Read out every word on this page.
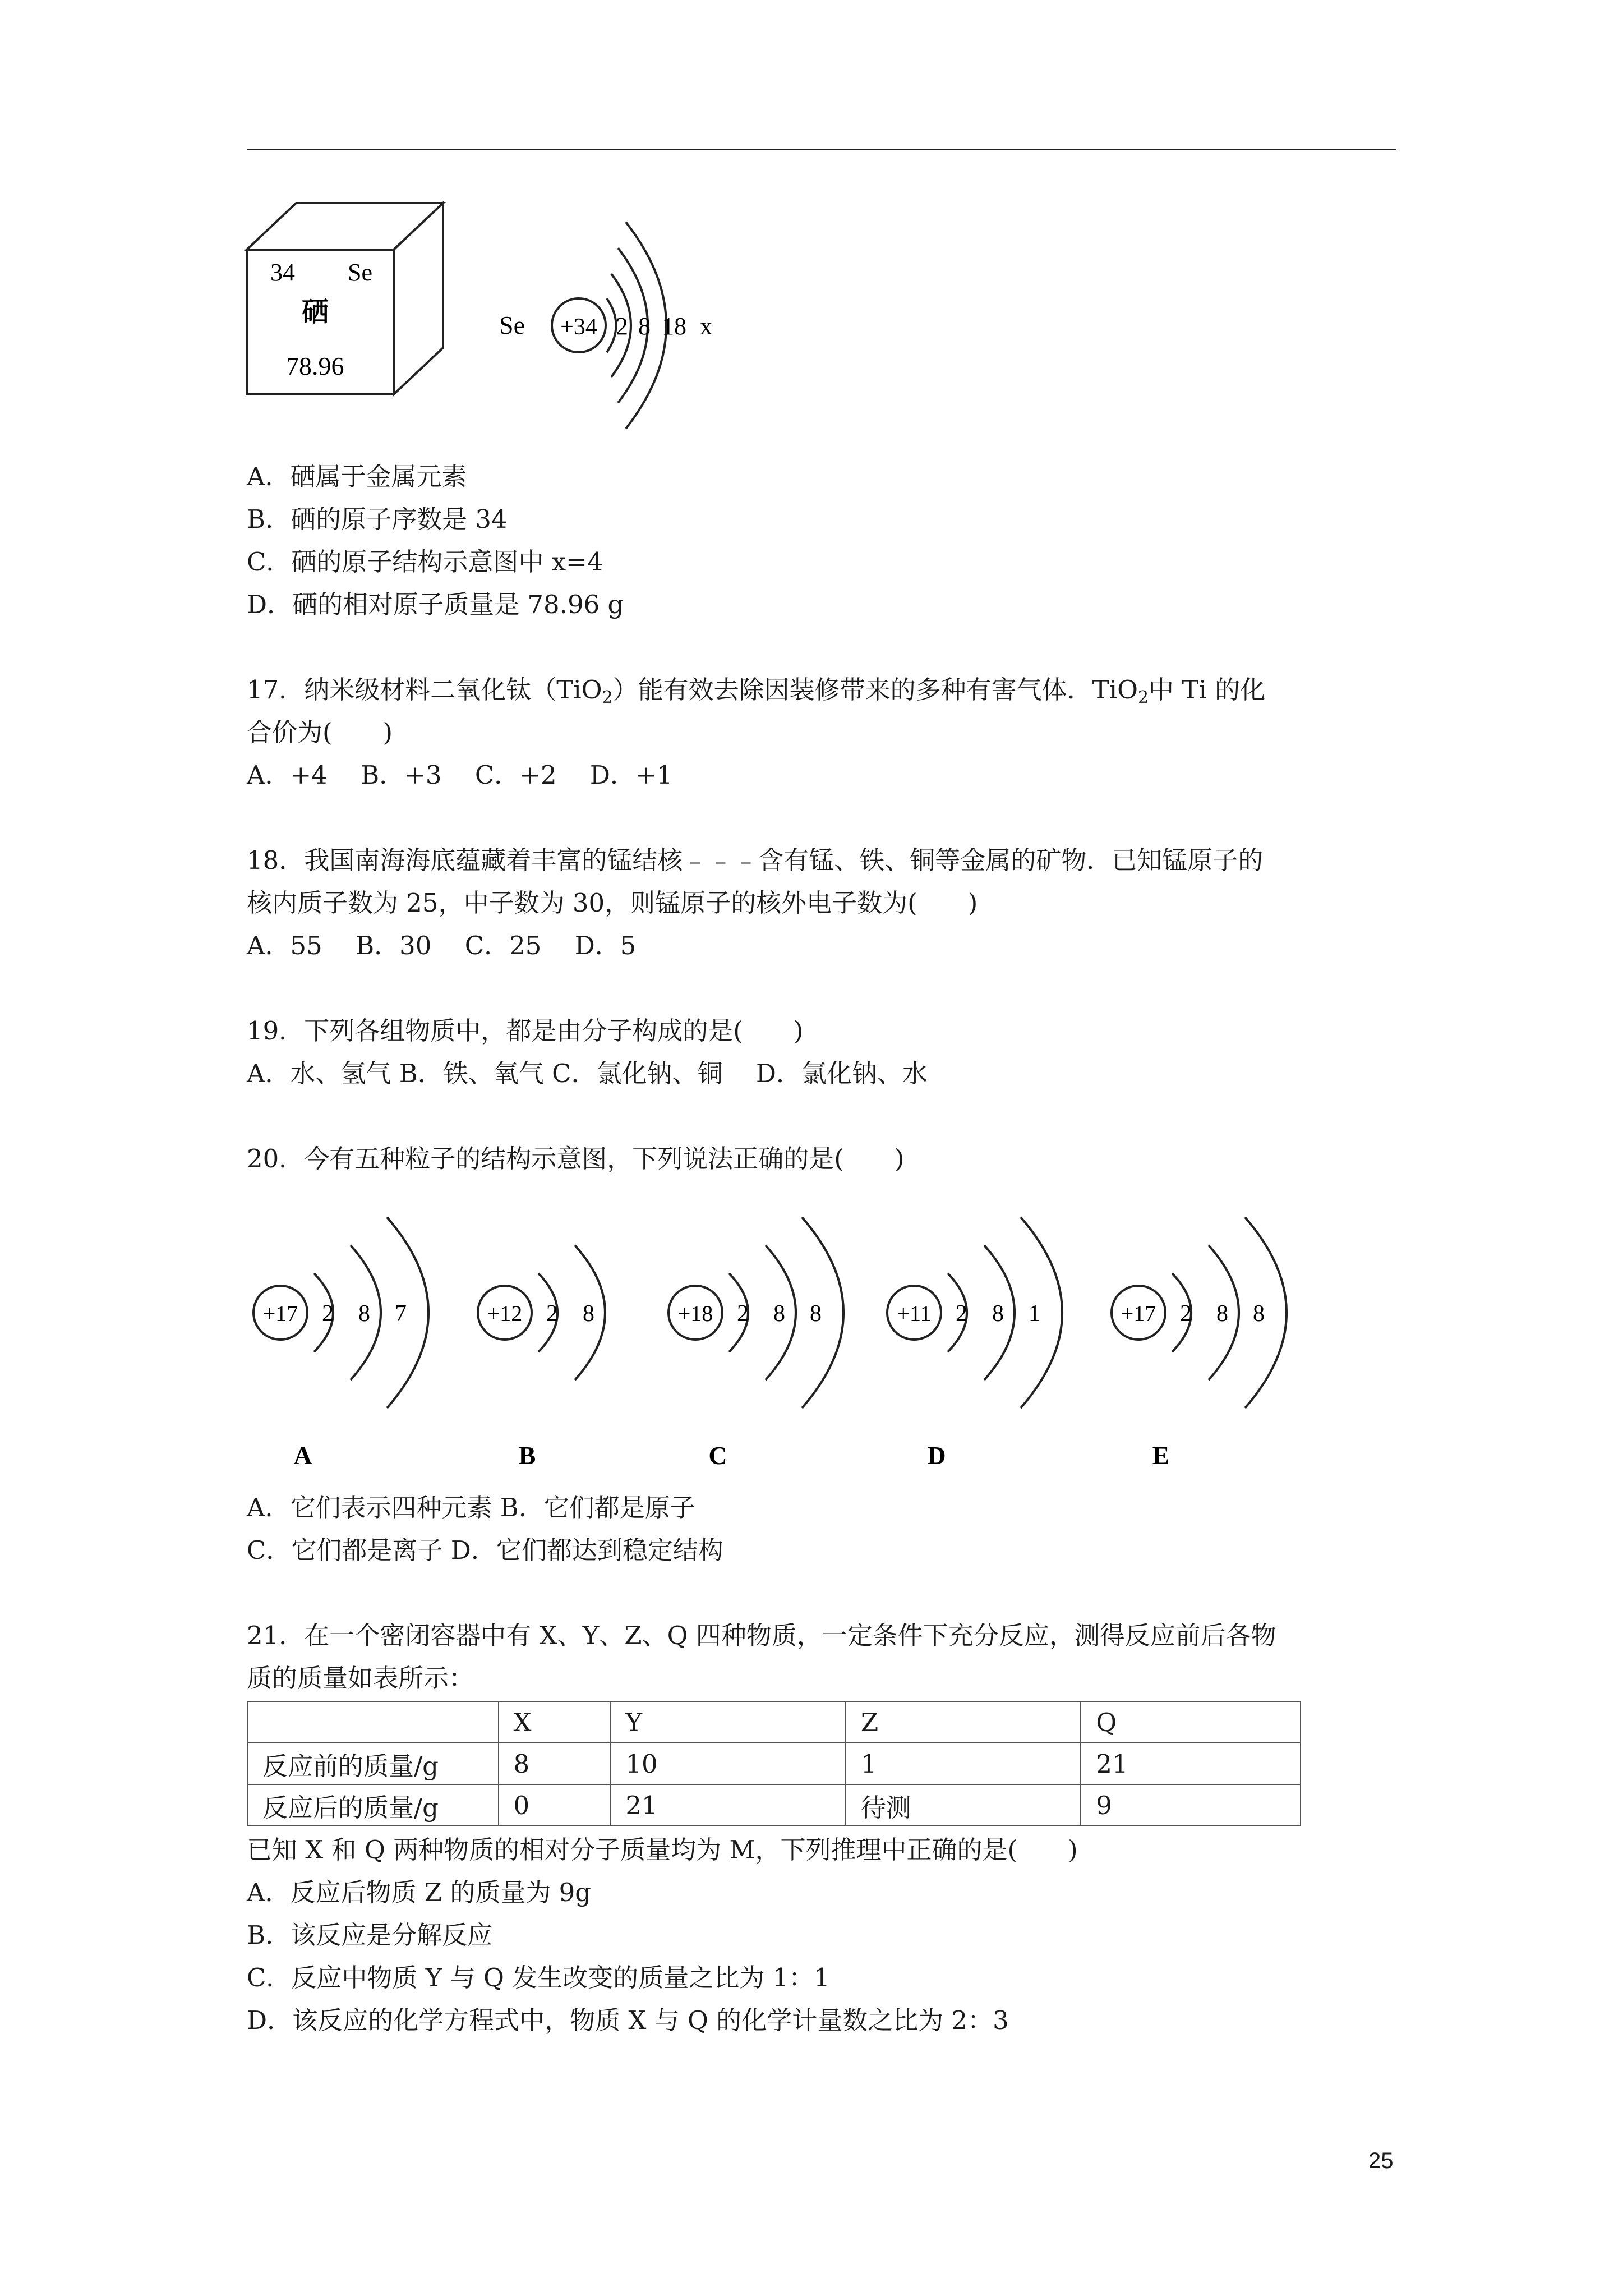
34 Se
硒
78.96
Se +34 2 8 18 x
A．硒属于金属元素
B．硒的原子序数是 34
C．硒的原子结构示意图中 x=4
D．硒的相对原子质量是 78.96 g
17．纳米级材料二氧化钛（TiO$_2$）能有效去除因装修带来的多种有害气体．TiO$_2$中 Ti 的化
合价为(　　)
A．+4　 B．+3　 C．+2　 D．+1
18．我国南海海底蕴藏着丰富的锰结核﹣﹣﹣含有锰、铁、铜等金属的矿物．已知锰原子的
核内质子数为 25，中子数为 30，则锰原子的核外电子数为(　　)
A．55　 B．30　 C．25　 D．5
19．下列各组物质中，都是由分子构成的是(　　)
A．水、氢气 B．铁、氧气 C．氯化钠、铜　 D．氯化钠、水
20．今有五种粒子的结构示意图，下列说法正确的是(　　)
+17 2 8 7
A
+12 2 8
B
+18 2 8 8
C
+11 2 8 1
D
+17 2 8 8
E
A．它们表示四种元素 B．它们都是原子
C．它们都是离子 D．它们都达到稳定结构
21．在一个密闭容器中有 X、Y、Z、Q 四种物质，一定条件下充分反应，测得反应前后各物
质的质量如表所示：
	X	Y	Z	Q
反应前的质量/g	8	10	1	21
反应后的质量/g	0	21	待测	9
已知 X 和 Q 两种物质的相对分子质量均为 M，下列推理中正确的是(　　)
A．反应后物质 Z 的质量为 9g
B．该反应是分解反应
C．反应中物质 Y 与 Q 发生改变的质量之比为 1：1
D．该反应的化学方程式中，物质 X 与 Q 的化学计量数之比为 2：3
25
